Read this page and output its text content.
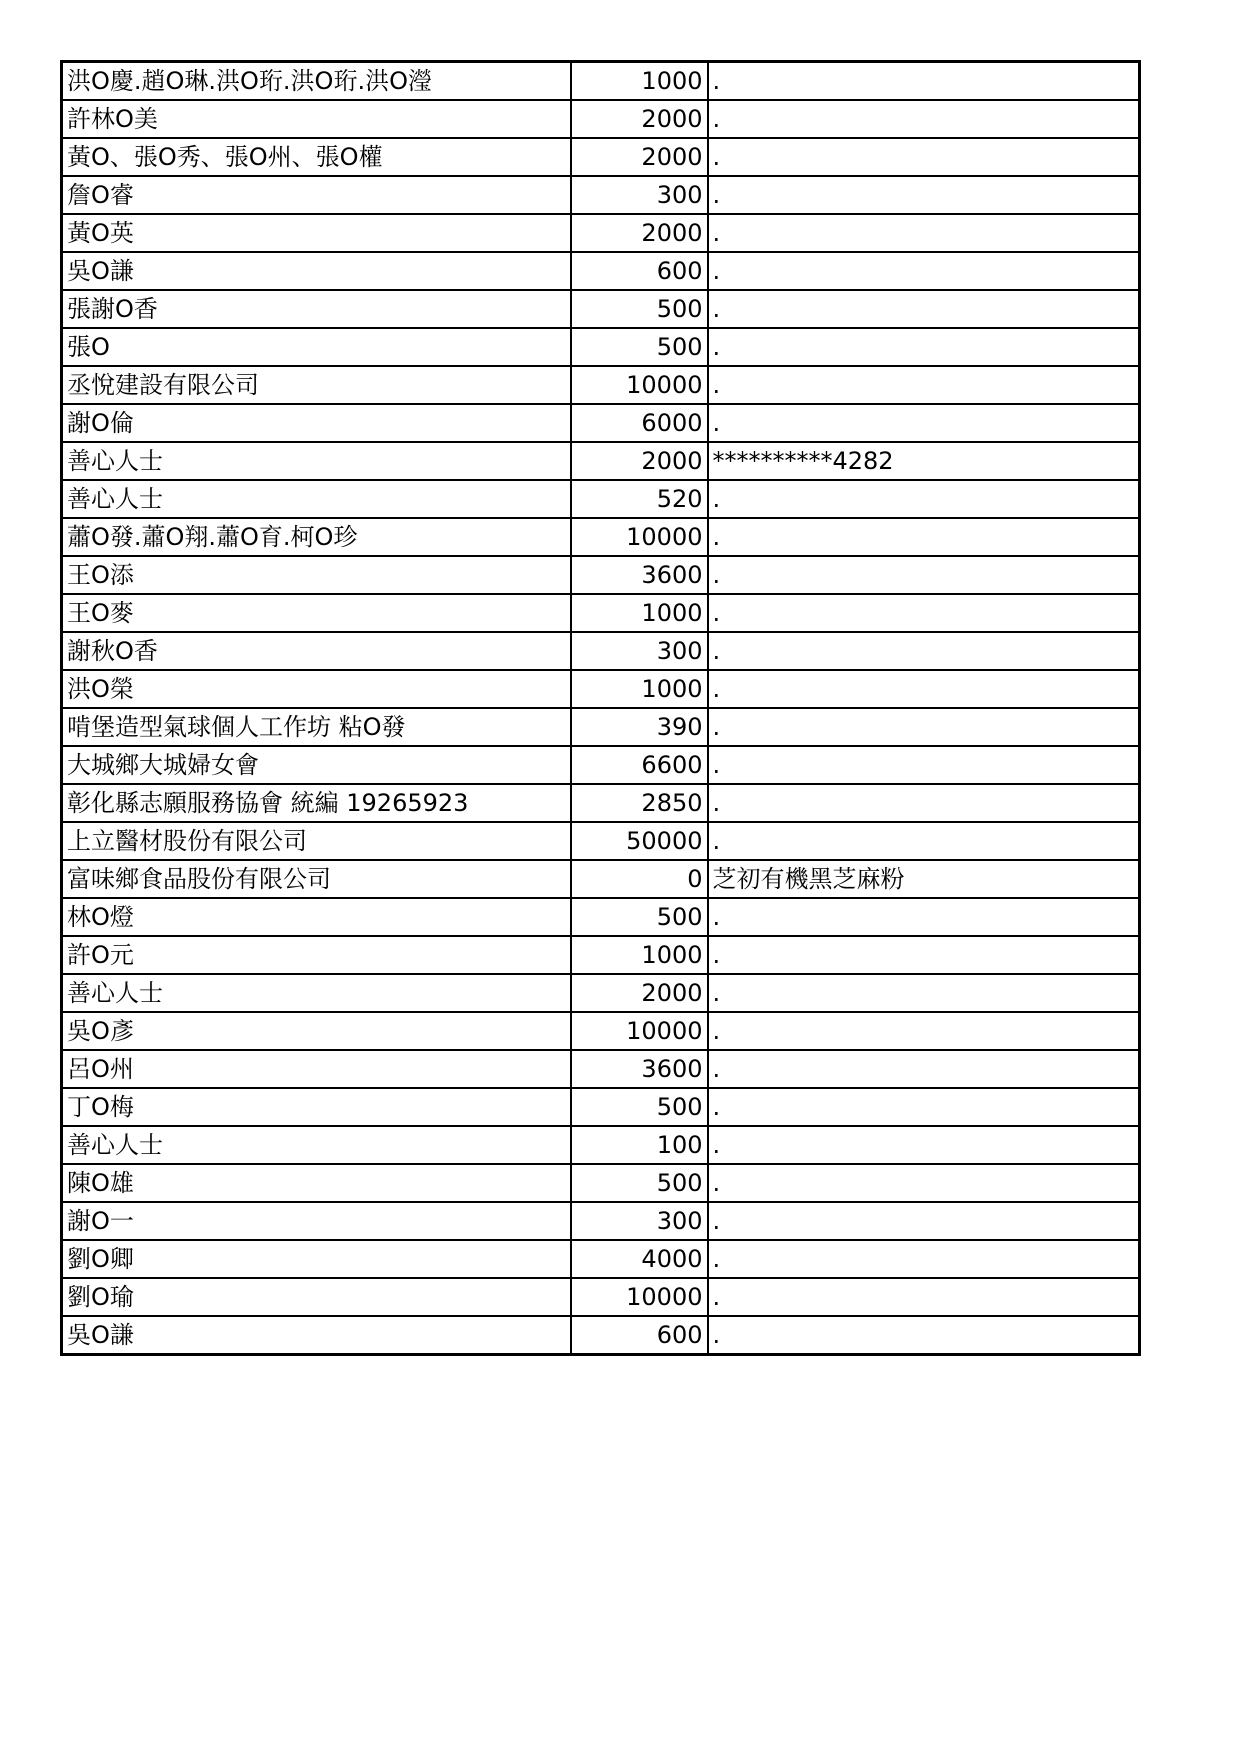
洪O慶.趙O琳.洪O珩.洪O珩.洪O瀅	1000	.
許林O美	2000	.
黃O、張O秀、張O州、張O權	2000	.
詹O睿	300	.
黃O英	2000	.
吳O謙	600	.
張謝O香	500	.
張O	500	.
丞悅建設有限公司	10000	.
謝O倫	6000	.
善心人士	2000	**********4282
善心人士	520	.
蕭O發.蕭O翔.蕭O育.柯O珍	10000	.
王O添	3600	.
王O麥	1000	.
謝秋O香	300	.
洪O榮	1000	.
啃堡造型氣球個人工作坊 粘O發	390	.
大城鄉大城婦女會	6600	.
彰化縣志願服務協會 統編 19265923	2850	.
上立醫材股份有限公司	50000	.
富味鄉食品股份有限公司	0	芝初有機黑芝麻粉
林O燈	500	.
許O元	1000	.
善心人士	2000	.
吳O彥	10000	.
呂O州	3600	.
丁O梅	500	.
善心人士	100	.
陳O雄	500	.
謝O一	300	.
劉O卿	4000	.
劉O瑜	10000	.
吳O謙	600	.
